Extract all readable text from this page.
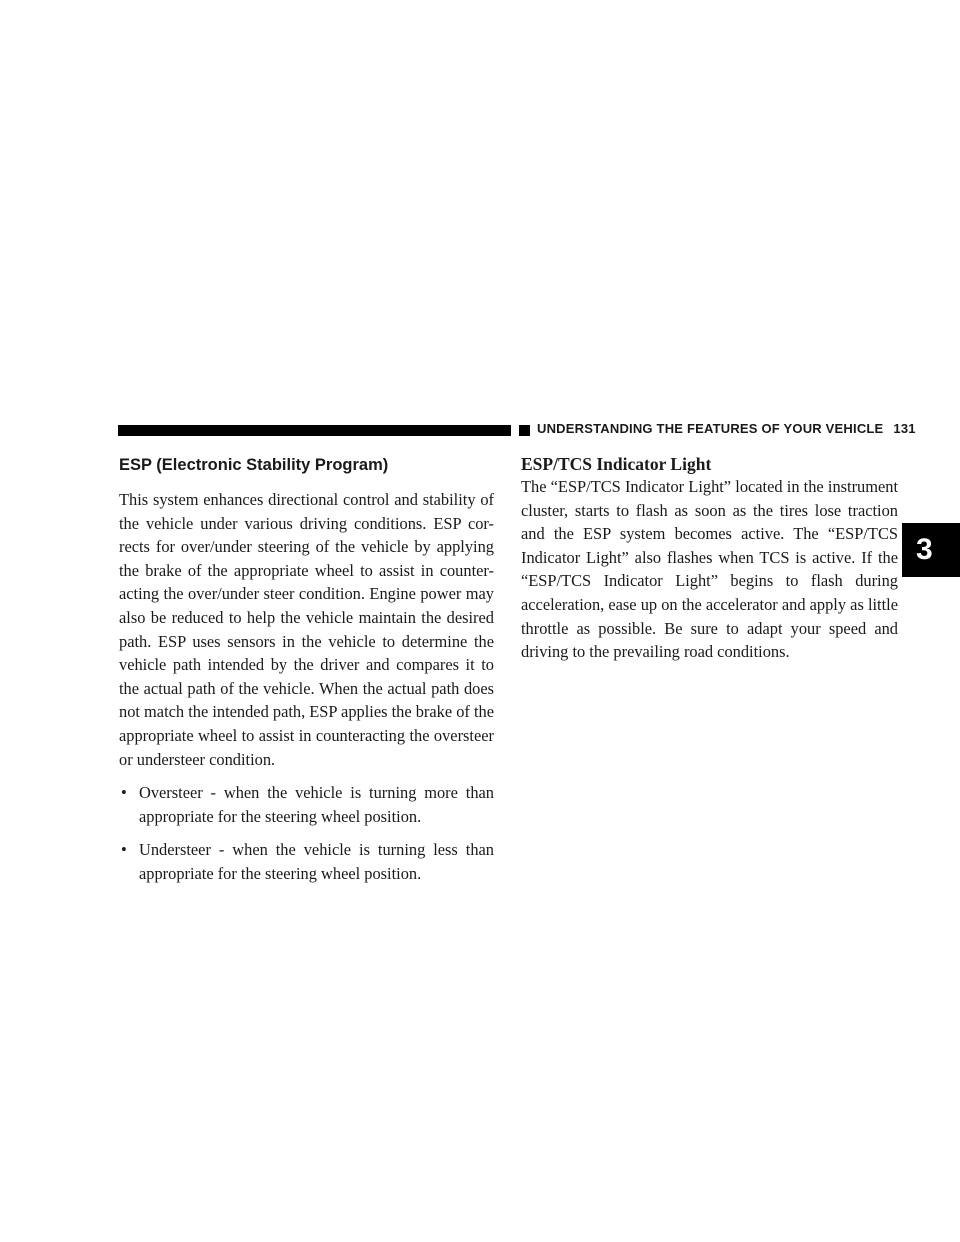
UNDERSTANDING THE FEATURES OF YOUR VEHICLE 131
3
ESP (Electronic Stability Program)

This system enhances directional control and stability of the vehicle under various driving conditions. ESP cor-rects for over/under steering of the vehicle by applying the brake of the appropriate wheel to assist in counter-acting the over/under steer condition. Engine power may also be reduced to help the vehicle maintain the desired path. ESP uses sensors in the vehicle to determine the vehicle path intended by the driver and compares it to the actual path of the vehicle. When the actual path does not match the intended path, ESP applies the brake of the appropriate wheel to assist in counteracting the oversteer or understeer condition.

• Oversteer - when the vehicle is turning more than appropriate for the steering wheel position.
• Understeer - when the vehicle is turning less than appropriate for the steering wheel position.
ESP/TCS Indicator Light

The “ESP/TCS Indicator Light” located in the instrument cluster, starts to flash as soon as the tires lose traction and the ESP system becomes active. The “ESP/TCS Indicator Light” also flashes when TCS is active. If the “ESP/TCS Indicator Light” begins to flash during acceleration, ease up on the accelerator and apply as little throttle as possible. Be sure to adapt your speed and driving to the prevailing road conditions.
